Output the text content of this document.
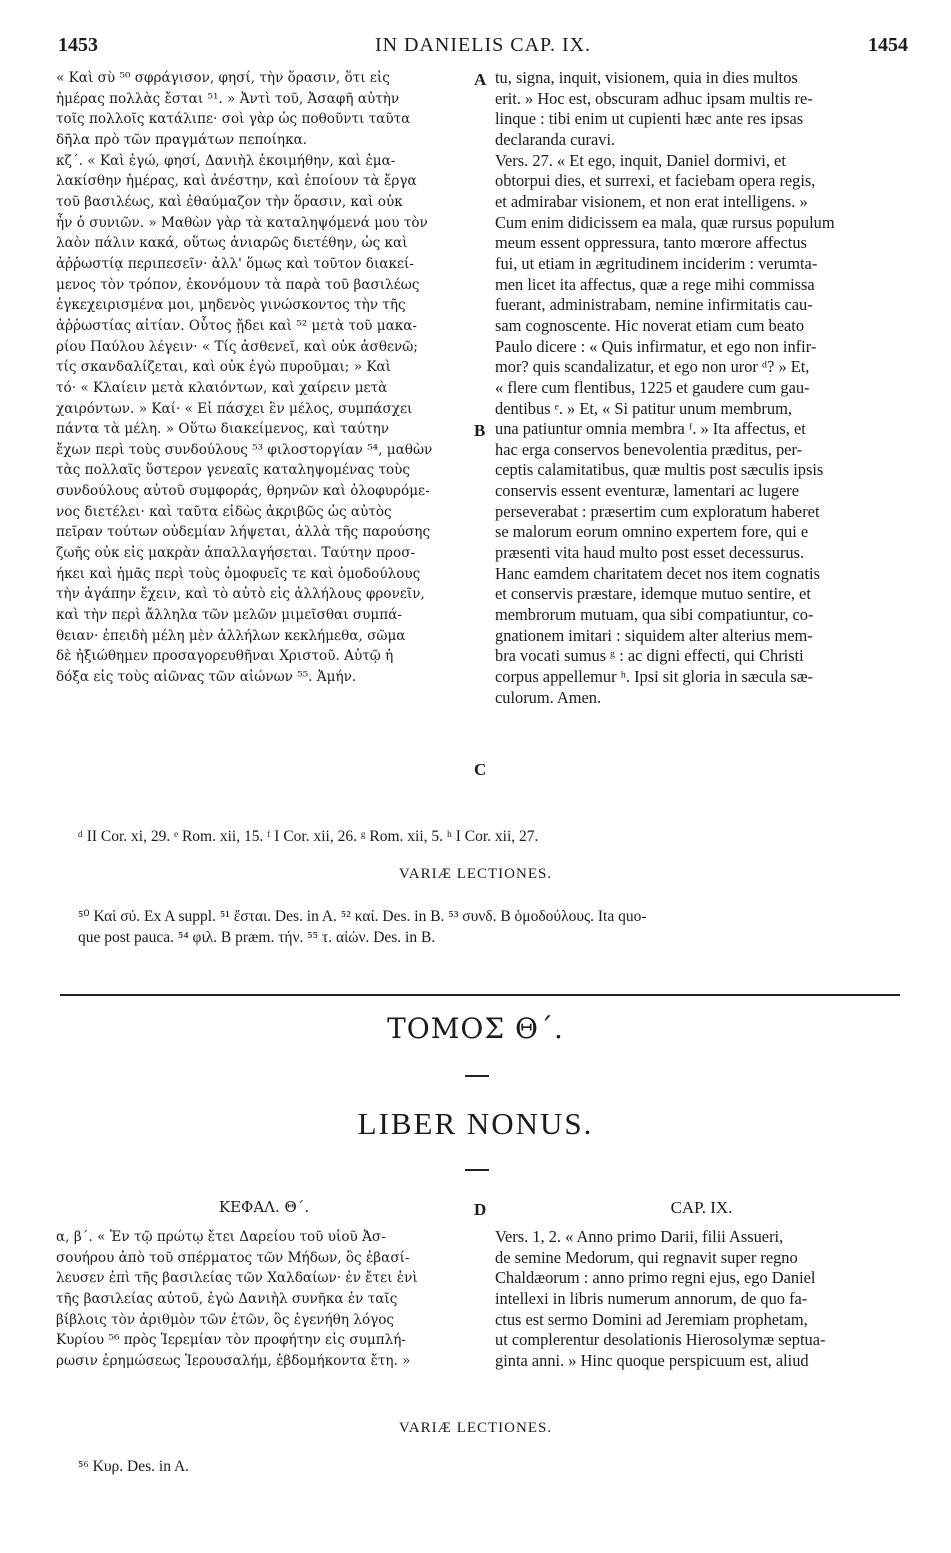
1453	IN DANIELIS CAP. IX.	1454
« Καὶ σὺ ⁵⁰ σφράγισον, φησί, τὴν ὅρασιν, ὅτι εἰς
ἡμέρας πολλὰς ἔσται ⁵¹. » Ἀντὶ τοῦ, Ἀσαφῆ αὐτὴν
τοῖς πολλοῖς κατάλιπε· σοὶ γὰρ ὡς ποθοῦντι ταῦτα
δῆλα πρὸ τῶν πραγμάτων πεποίηκα.
κζ΄. « Καὶ ἐγώ, φησί, Δανιὴλ ἐκοιμήθην, καὶ ἐμα-
λακίσθην ἡμέρας, καὶ ἀνέστην, καὶ ἐποίουν τὰ ἔργα
τοῦ βασιλέως, καὶ ἐθαύμαζον τὴν ὅρασιν, καὶ οὐκ
ἦν ὁ συνιῶν. » Μαθὼν γὰρ τὰ καταληψόμενά μου τὸν
λαὸν πάλιν κακά, οὕτως ἀνιαρῶς διετέθην, ὡς καὶ
ἀῤῥωστίᾳ περιπεσεῖν· ἀλλ' ὅμως καὶ τοῦτον διακεί-
μενος τὸν τρόπον, ἐκονόμουν τὰ παρὰ τοῦ βασιλέως
ἐγκεχειρισμένα μοι, μηδενὸς γινώσκοντος τὴν τῆς
ἀῤῥωστίας αἰτίαν. Οὗτος ᾔδει καὶ ⁵² μετὰ τοῦ μακα-
ρίου Παύλου λέγειν· « Τίς ἀσθενεῖ, καὶ οὐκ ἀσθενῶ;
τίς σκανδαλίζεται, καὶ οὐκ ἐγὼ πυροῦμαι; » Καὶ
τό· « Κλαίειν μετὰ κλαιόντων, καὶ χαίρειν μετὰ
χαιρόντων. » Καί· « Εἰ πάσχει ἓν μέλος, συμπάσχει
πάντα τὰ μέλη. » Οὕτω διακείμενος, καὶ ταύτην
ἔχων περὶ τοὺς συνδούλους ⁵³ φιλοστοργίαν ⁵⁴, μαθὼν
τὰς πολλαῖς ὕστερον γενεαῖς καταληψομένας τοὺς
συνδούλους αὐτοῦ συμφοράς, θρηνῶν καὶ ὀλοφυρόμε-
νος διετέλει· καὶ ταῦτα εἰδὼς ἀκριβῶς ὡς αὐτὸς
πεῖραν τούτων οὐδεμίαν λήψεται, ἀλλὰ τῆς παρούσης
ζωῆς οὐκ εἰς μακρὰν ἀπαλλαγήσεται. Ταύτην προσ-
ήκει καὶ ἡμᾶς περὶ τοὺς ὁμοφυεῖς τε καὶ ὁμοδούλους
τὴν ἀγάπην ἔχειν, καὶ τὸ αὐτὸ εἰς ἀλλήλους φρονεῖν,
καὶ τὴν περὶ ἄλληλα τῶν μελῶν μιμεῖσθαι συμπά-
θειαν· ἐπειδὴ μέλη μὲν ἀλλήλων κεκλήμεθα, σῶμα
δὲ ἠξιώθημεν προσαγορευθῆναι Χριστοῦ. Αὐτῷ ἡ
δόξα εἰς τοὺς αἰῶνας τῶν αἰώνων ⁵⁵. Ἀμήν.
tu, signa, inquit, visionem, quia in dies multos
erit. » Hoc est, obscuram adhuc ipsam multis re-
linque : tibi enim ut cupienti hæc ante res ipsas
declaranda curavi.
Vers. 27. « Et ego, inquit, Daniel dormivi, et
obtorpui dies, et surrexi, et faciebam opera regis,
et admirabar visionem, et non erat intelligens. »
Cum enim didicissem ea mala, quæ rursus populum
meum essent oppressura, tanto mœrore affectus
fui, ut etiam in ægritudinem inciderim : verumta-
men licet ita affectus, quæ a rege mihi commissa
fuerant, administrabam, nemine infirmitatis cau-
sam cognoscente. Hic noverat etiam cum beato
Paulo dicere : « Quis infirmatur, et ego non infir-
mor? quis scandalizatur, et ego non uror ᵈ? » Et,
« flere cum flentibus, 1225 et gaudere cum gau-
dentibus ᵉ. » Et, « Si patitur unum membrum,
una patiuntur omnia membra ᶠ. » Ita affectus, et
hac erga conservos benevolentia præditus, per-
ceptis calamitatibus, quæ multis post sæculis ipsis
conservis essent eventuræ, lamentari ac lugere
perseverabat : præsertim cum exploratum haberet
se malorum eorum omnino expertem fore, qui e
præsenti vita haud multo post esset decessurus.
Hanc eamdem charitatem decet nos item cognatis
et conservis præstare, idemque mutuo sentire, et
membrorum mutuam, qua sibi compatiuntur, co-
gnationem imitari : siquidem alter alterius mem-
bra vocati sumus ᵍ : ac digni effecti, qui Christi
corpus appellemur ʰ. Ipsi sit gloria in sæcula sæ-
culorum. Amen.
A
B
C
ᵈ II Cor. xi, 29. ᵉ Rom. xii, 15. ᶠ I Cor. xii, 26. ᵍ Rom. xii, 5. ʰ I Cor. xii, 27.
VARIÆ LECTIONES.
⁵⁰ Καὶ σύ. Ex A suppl. ⁵¹ ἔσται. Des. in A. ⁵² καί. Des. in B. ⁵³ συνδ. B ὁμοδούλους. Ita quo-
que post pauca. ⁵⁴ φιλ. B præm. τήν. ⁵⁵ τ. αἰών. Des. in B.
ΤΟΜΟΣ Θ΄.
LIBER NONUS.
ΚΕΦΑΛ. Θ΄.	D	CAP. IX.
α, β΄. « Ἐν τῷ πρώτῳ ἔτει Δαρείου τοῦ υἱοῦ Ἀσ-
σουήρου ἀπὸ τοῦ σπέρματος τῶν Μήδων, ὃς ἐβασί-
λευσεν ἐπὶ τῆς βασιλείας τῶν Χαλδαίων· ἐν ἔτει ἑνὶ
τῆς βασιλείας αὐτοῦ, ἐγὼ Δανιὴλ συνῆκα ἐν ταῖς
βίβλοις τὸν ἀριθμὸν τῶν ἐτῶν, ὃς ἐγενήθη λόγος
Κυρίου ⁵⁶ πρὸς Ἱερεμίαν τὸν προφήτην εἰς συμπλή-
ρωσιν ἐρημώσεως Ἱερουσαλήμ, ἑβδομήκοντα ἔτη. »
Vers. 1, 2. « Anno primo Darii, filii Assueri,
de semine Medorum, qui regnavit super regno
Chaldæorum : anno primo regni ejus, ego Daniel
intellexi in libris numerum annorum, de quo fa-
ctus est sermo Domini ad Jeremiam prophetam,
ut complerentur desolationis Hierosolymæ septua-
ginta anni. » Hinc quoque perspicuum est, aliud
VARIÆ LECTIONES.
⁵⁶ Κυρ. Des. in A.
